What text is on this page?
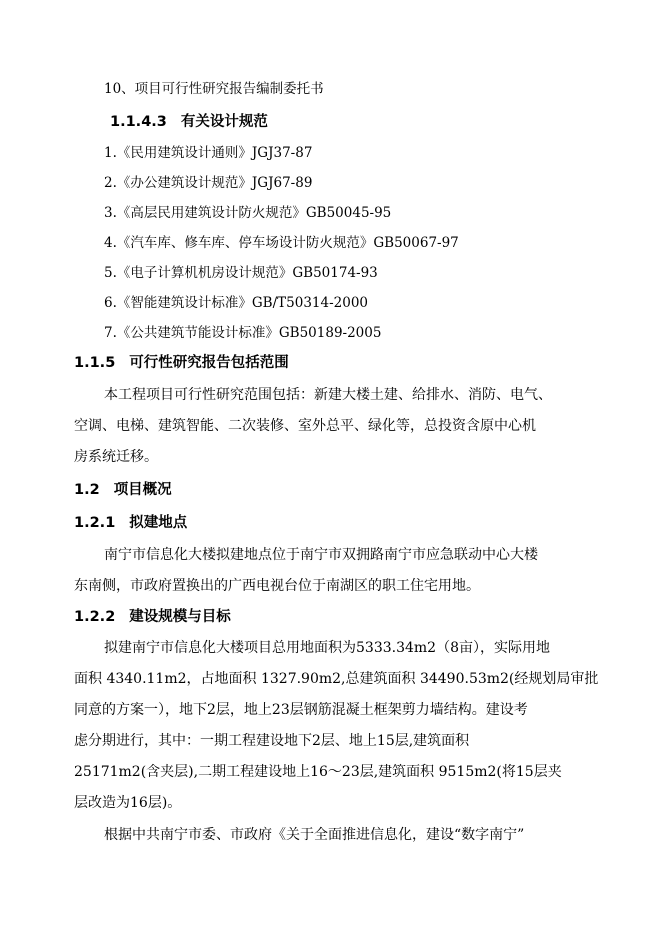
10、项目可行性研究报告编制委托书
1.1.4.3 有关设计规范
1.《民用建筑设计通则》JGJ37-87
2.《办公建筑设计规范》JGJ67-89
3.《高层民用建筑设计防火规范》GB50045-95
4.《汽车库、修车库、停车场设计防火规范》GB50067-97
5.《电子计算机机房设计规范》GB50174-93
6.《智能建筑设计标准》GB/T50314-2000
7.《公共建筑节能设计标准》GB50189-2005
1.1.5 可行性研究报告包括范围
本工程项目可行性研究范围包括：新建大楼土建、给排水、消防、电气、
空调、电梯、建筑智能、二次装修、室外总平、绿化等，总投资含原中心机
房系统迁移。
1.2 项目概况
1.2.1 拟建地点
南宁市信息化大楼拟建地点位于南宁市双拥路南宁市应急联动中心大楼
东南侧，市政府置换出的广西电视台位于南湖区的职工住宅用地。
1.2.2 建设规模与目标
拟建南宁市信息化大楼项目总用地面积为5333.34m2（8亩），实际用地
面积 4340.11m2，占地面积 1327.90m2,总建筑面积 34490.53m2(经规划局审批
同意的方案一），地下2层，地上23层钢筋混凝土框架剪力墙结构。建设考
虑分期进行，其中：一期工程建设地下2层、地上15层,建筑面积
25171m2(含夹层),二期工程建设地上16～23层,建筑面积 9515m2(将15层夹
层改造为16层)。
根据中共南宁市委、市政府《关于全面推进信息化，建设“数字南宁”
